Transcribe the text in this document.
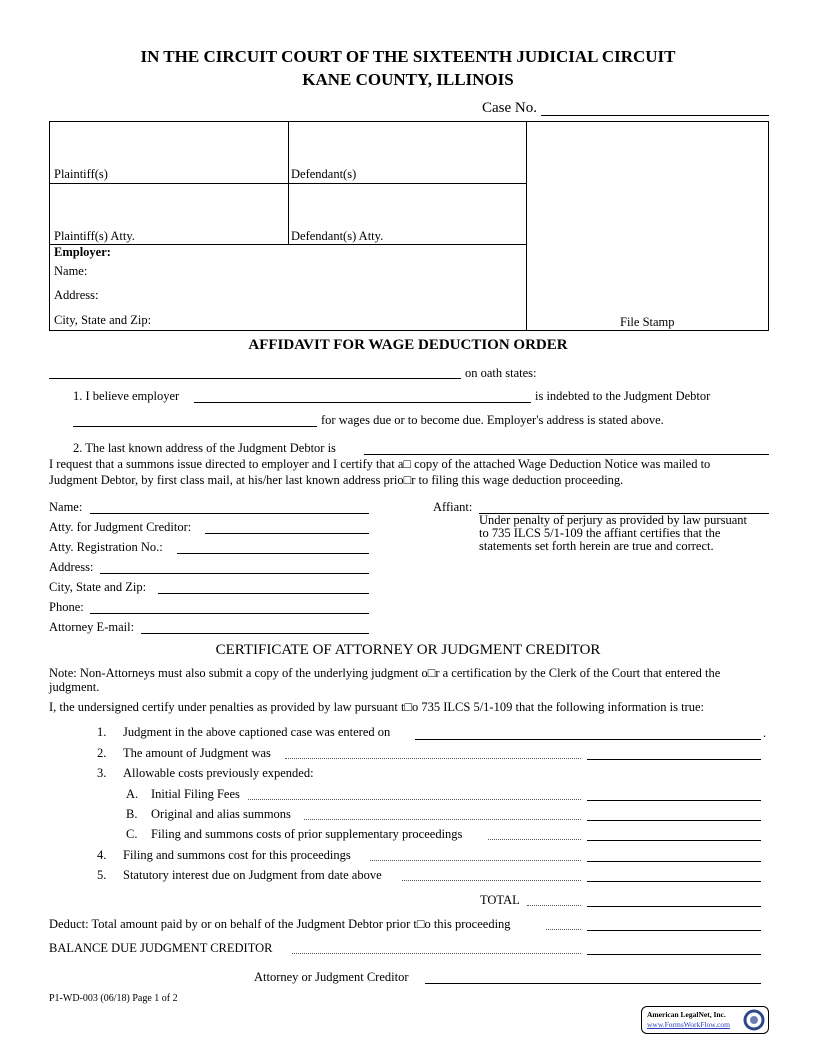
IN THE CIRCUIT COURT OF THE SIXTEENTH JUDICIAL CIRCUIT
KANE COUNTY, ILLINOIS
Case No.
Plaintiff(s)	Defendant(s)
Plaintiff(s) Atty.	Defendant(s) Atty.
Employer:
Name:
Address:
City, State and Zip:	File Stamp
AFFIDAVIT FOR WAGE DEDUCTION ORDER
on oath states:
1. I believe employer	is indebted to the Judgment Debtor
for wages due or to become due. Employer's address is stated above.
2. The last known address of the Judgment Debtor is
I request that a summons issue directed to employer and I certify that a□ copy of the attached Wage Deduction Notice was mailed to
Judgment Debtor, by first class mail, at his/her last known address prio□r to filing this wage deduction proceeding.
Name:
Atty. for Judgment Creditor:
Atty. Registration No.:
Address:
City, State and Zip:
Phone:
Attorney E-mail:
Affiant:
Under penalty of perjury as provided by law pursuant
to 735 ILCS 5/1-109 the affiant certifies that the
statements set forth herein are true and correct.
CERTIFICATE OF ATTORNEY OR JUDGMENT CREDITOR
Note: Non-Attorneys must also submit a copy of the underlying judgment o□r a certification by the Clerk of the Court that entered the
judgment.
I, the undersigned certify under penalties as provided by law pursuant t□o 735 ILCS 5/1-109 that the following information is true:
1. Judgment in the above captioned case was entered on	.
2. The amount of Judgment was
3. Allowable costs previously expended:
A. Initial Filing Fees
B. Original and alias summons
C. Filing and summons costs of prior supplementary proceedings
4. Filing and summons cost for this proceedings
5. Statutory interest due on Judgment from date above
TOTAL
Deduct: Total amount paid by or on behalf of the Judgment Debtor prior t□o this proceeding
BALANCE DUE JUDGMENT CREDITOR
Attorney or Judgment Creditor
P1-WD-003 (06/18) Page 1 of 2
American LegalNet, Inc.
www.FormsWorkFlow.com
